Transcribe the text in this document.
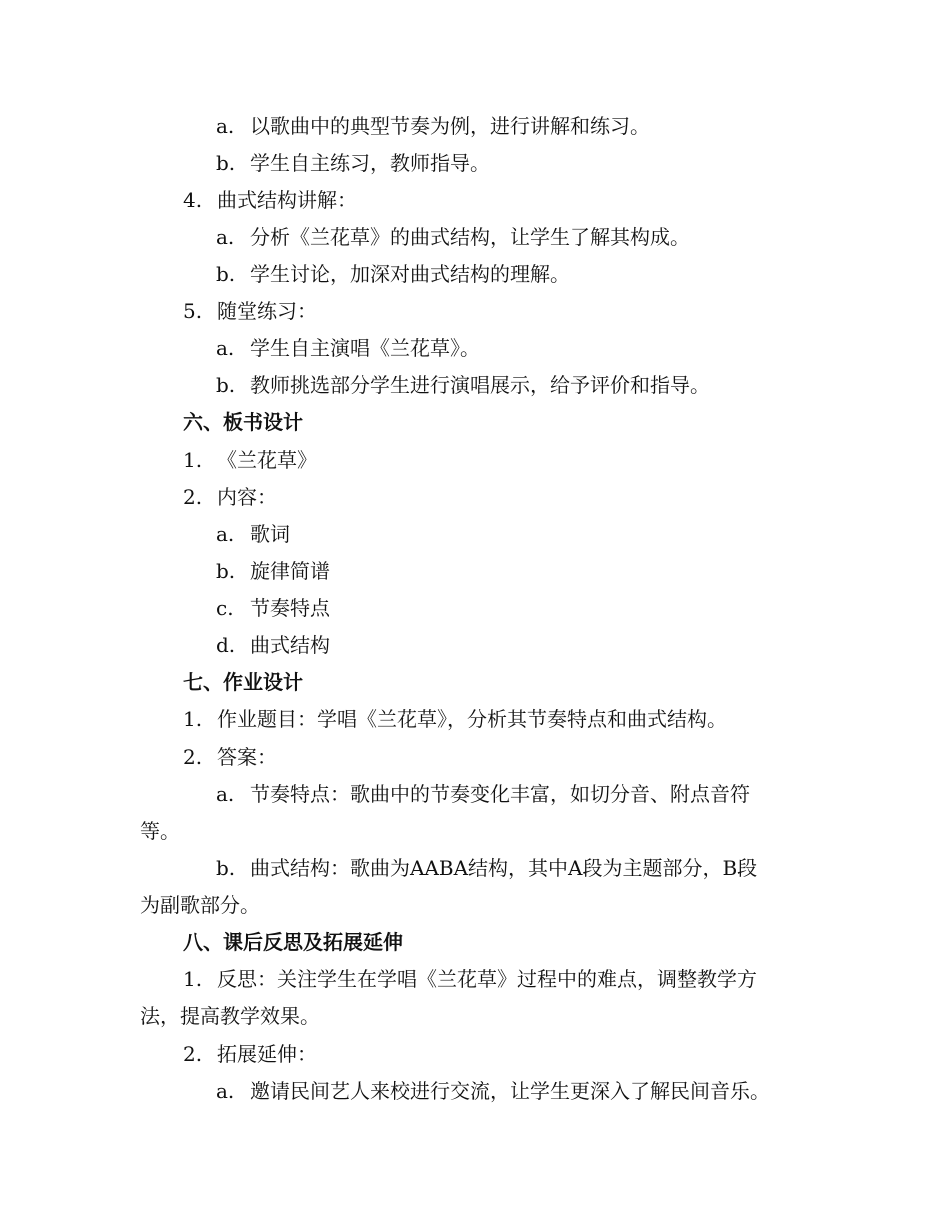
a. 以歌曲中的典型节奏为例，进行讲解和练习。
b. 学生自主练习，教师指导。
4. 曲式结构讲解：
a. 分析《兰花草》的曲式结构，让学生了解其构成。
b. 学生讨论，加深对曲式结构的理解。
5. 随堂练习：
a. 学生自主演唱《兰花草》。
b. 教师挑选部分学生进行演唱展示，给予评价和指导。
六、板书设计
1. 《兰花草》
2. 内容：
a. 歌词
b. 旋律简谱
c. 节奏特点
d. 曲式结构
七、作业设计
1. 作业题目：学唱《兰花草》，分析其节奏特点和曲式结构。
2. 答案：
a. 节奏特点：歌曲中的节奏变化丰富，如切分音、附点音符
等。
b. 曲式结构：歌曲为AABA结构，其中A段为主题部分，B段
为副歌部分。
八、课后反思及拓展延伸
1. 反思：关注学生在学唱《兰花草》过程中的难点，调整教学方
法，提高教学效果。
2. 拓展延伸：
a. 邀请民间艺人来校进行交流，让学生更深入了解民间音乐。
